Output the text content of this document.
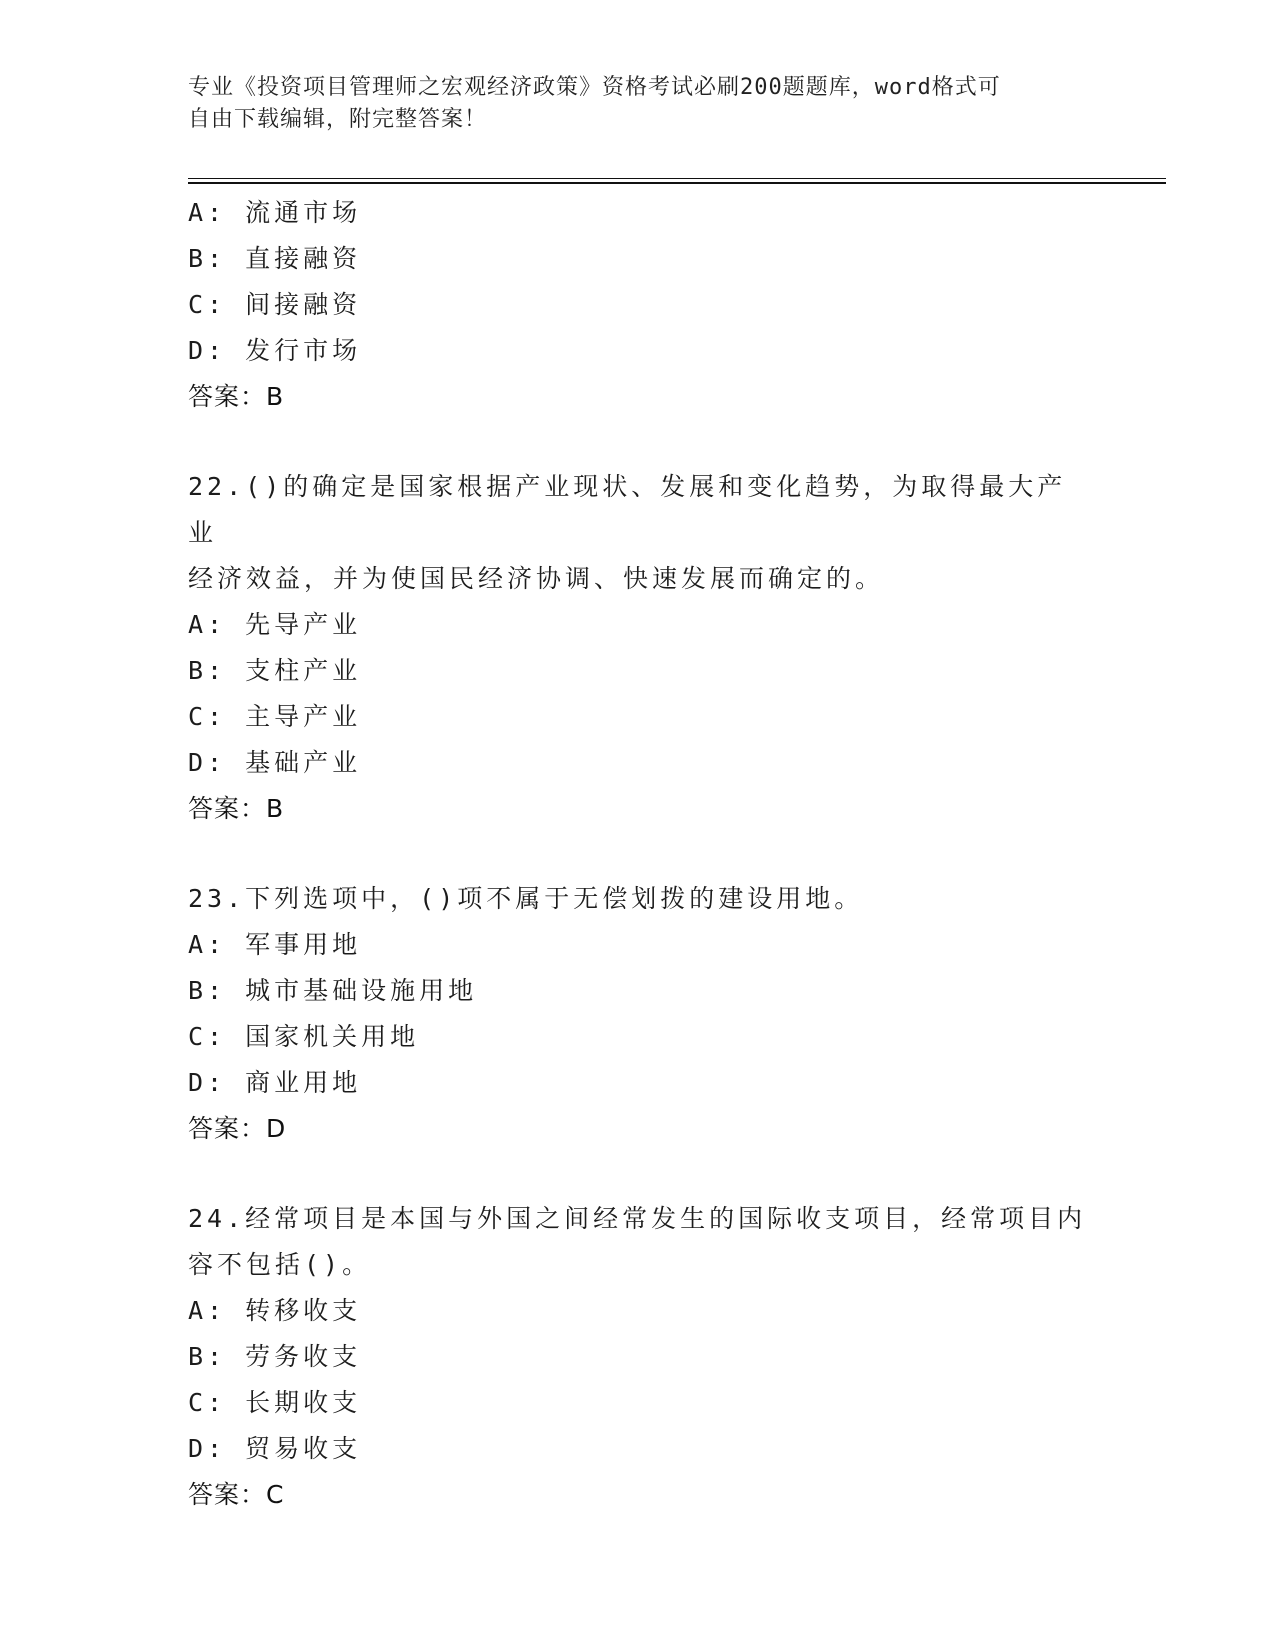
专业《投资项目管理师之宏观经济政策》资格考试必刷200题题库，word格式可
自由下载编辑，附完整答案！
A: 流通市场
B: 直接融资
C: 间接融资
D: 发行市场
答案：B
22.()的确定是国家根据产业现状、发展和变化趋势，为取得最大产业
经济效益，并为使国民经济协调、快速发展而确定的。
A: 先导产业
B: 支柱产业
C: 主导产业
D: 基础产业
答案：B
23.下列选项中，()项不属于无偿划拨的建设用地。
A: 军事用地
B: 城市基础设施用地
C: 国家机关用地
D: 商业用地
答案：D
24.经常项目是本国与外国之间经常发生的国际收支项目，经常项目内
容不包括()。
A: 转移收支
B: 劳务收支
C: 长期收支
D: 贸易收支
答案：C
